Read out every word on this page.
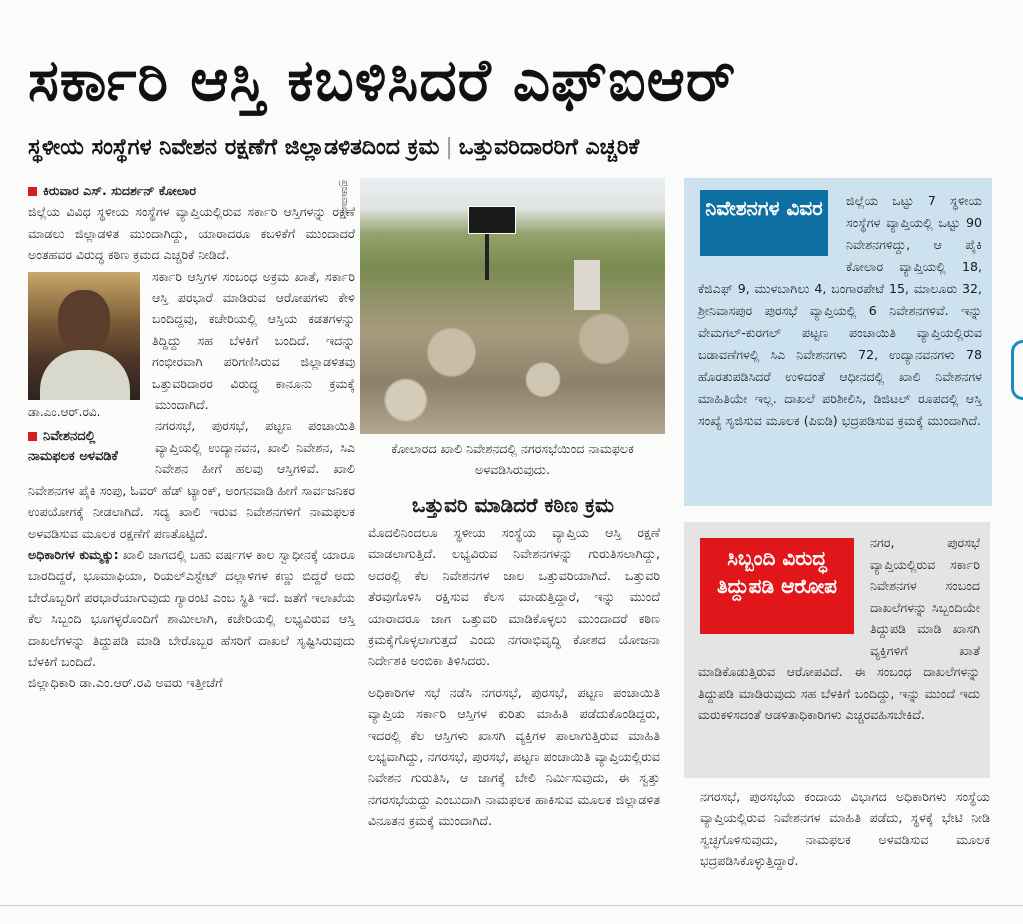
ಸರ್ಕಾರಿ ಆಸ್ತಿ ಕಬಳಿಸಿದರೆ ಎಫ್‌ಐಆರ್
ಸ್ಥಳೀಯ ಸಂಸ್ಥೆಗಳ ನಿವೇಶನ ರಕ್ಷಣೆಗೆ ಜಿಲ್ಲಾಡಳಿತದಿಂದ ಕ್ರಮ | ಒತ್ತುವರಿದಾರರಿಗೆ ಎಚ್ಚರಿಕೆ

ಕಿರುವಾರ ಎಸ್‌. ಸುದರ್ಶನ್‌ ಕೋಲಾರ

ಜಿಲ್ಲೆಯ ವಿವಿಧ ಸ್ಥಳೀಯ ಸಂಸ್ಥೆಗಳ ವ್ಯಾಪ್ತಿಯಲ್ಲಿರುವ ಸರ್ಕಾರಿ ಆಸ್ತಿಗಳನ್ನು ರಕ್ಷಣೆ ಮಾಡಲು ಜಿಲ್ಲಾಡಳಿತ ಮುಂದಾಗಿದ್ದು, ಯಾರಾದರೂ ಕಬಳಿಕೆಗೆ ಮುಂದಾದರೆ ಅಂತಹವರ ವಿರುದ್ಧ ಕಠಿಣ ಕ್ರಮದ ಎಚ್ಚರಿಕೆ ನೀಡಿದೆ.

ಡಾ.ಎಂ.ಆರ್‌.ರವಿ.
ನಿವೇಶನದಲ್ಲಿ ನಾಮಫಲಕ ಅಳವಡಿಕೆ

ಸರ್ಕಾರಿ ಆಸ್ತಿಗಳ ಸಂಬಂಧ ಅಕ್ರಮ ಖಾತೆ, ಸರ್ಕಾರಿ ಆಸ್ತಿ ಪರಭಾರೆ ಮಾಡಿರುವ ಆರೋಪಗಳು ಕೇಳಿ ಬಂದಿದ್ದವು, ಕಚೇರಿಯಲ್ಲಿ ಆಸ್ತಿಯ ಕಡತಗಳನ್ನು ತಿದ್ದಿದ್ದು ಸಹ ಬೆಳಕಿಗೆ ಬಂದಿದೆ. ಇದನ್ನು ಗಂಭೀರವಾಗಿ ಪರಿಗಣಿಸಿರುವ ಜಿಲ್ಲಾಡಳಿತವು ಒತ್ತುವರಿದಾರರ ವಿರುದ್ಧ ಕಾನೂನು ಕ್ರಮಕ್ಕೆ ಮುಂದಾಗಿದೆ.

ನಗರಸಭೆ, ಪುರಸಭೆ, ಪಟ್ಟಣ ಪಂಚಾಯಿತಿ ವ್ಯಾಪ್ತಿಯಲ್ಲಿ ಉದ್ಯಾನವನ, ಖಾಲಿ ನಿವೇಶನ, ಸಿಎ ನಿವೇಶನ ಹೀಗೆ ಹಲವು ಆಸ್ತಿಗಳಿವೆ. ಖಾಲಿ ನಿವೇಶನಗಳ ಪೈಕಿ ಸಂಪು, ಓವರ್‌ ಹೆಡ್‌ ಟ್ಯಾಂಕ್‌, ಅಂಗನವಾಡಿ ಹೀಗೆ ಸಾರ್ವಜನಿಕರ ಉಪಯೋಗಕ್ಕೆ ನೀಡಲಾಗಿದೆ. ಸದ್ಯ ಖಾಲಿ ಇರುವ ನಿವೇಶನಗಳಿಗೆ ನಾಮಫಲಕ ಅಳವಡಿಸುವ ಮೂಲಕ ರಕ್ಷಣೆಗೆ ಪಣತೊಟ್ಟಿದೆ.

ಅಧಿಕಾರಿಗಳ ಕುಮ್ಮಕ್ಕು: ಖಾಲಿ ಜಾಗದಲ್ಲಿ ಬಹು ವರ್ಷಗಳ ಕಾಲ ಸ್ವಾಧೀನಕ್ಕೆ ಯಾರೂ ಬಾರದಿದ್ದರೆ, ಭೂಮಾಫಿಯಾ, ರಿಯಲ್‌ಎಸ್ಟೇಟ್‌ ದಲ್ಲಾಳಿಗಳ ಕಣ್ಣು ಬಿದ್ದರೆ ಅದು ಬೇರೊಬ್ಬರಿಗೆ ಪರಭಾರೆಯಾಗುವುದು ಗ್ಯಾರಂಟಿ ಎಂಬ ಸ್ಥಿತಿ ಇದೆ. ಜತೆಗೆ ಇಲಾಖೆಯ ಕೆಲ ಸಿಬ್ಬಂದಿ ಭೂಗಳ್ಳರೊಂದಿಗೆ ಶಾಮೀಲಾಗಿ, ಕಚೇರಿಯಲ್ಲಿ ಲಭ್ಯವಿರುವ ಆಸ್ತಿ ದಾಖಲೆಗಳನ್ನು ತಿದ್ದುಪಡಿ ಮಾಡಿ ಬೇರೊಬ್ಬರ ಹೆಸರಿಗೆ ದಾಖಲೆ ಸೃಷ್ಟಿಸಿರುವುದು ಬೆಳಕಿಗೆ ಬಂದಿದೆ.

ಜಿಲ್ಲಾಧಿಕಾರಿ ಡಾ.ಎಂ.ಆರ್‌.ರವಿ ಅವರು ಇತ್ತೀಚೆಗೆ

ಪ್ರಜಾವಾಣಿ
ಕೋಲಾರದ ಖಾಲಿ ನಿವೇಶನದಲ್ಲಿ ನಗರಸಭೆಯಿಂದ ನಾಮಫಲಕ ಅಳವಡಿಸಿರುವುದು.
ಒತ್ತುವರಿ ಮಾಡಿದರೆ ಕಠಿಣ ಕ್ರಮ

ಮೊದಲಿನಿಂದಲೂ ಸ್ಥಳೀಯ ಸಂಸ್ಥೆಯ ವ್ಯಾಪ್ತಿಯ ಆಸ್ತಿ ರಕ್ಷಣೆ ಮಾಡಲಾಗುತ್ತಿದೆ. ಲಭ್ಯವಿರುವ ನಿವೇಶನಗಳನ್ನು ಗುರುತಿಸಲಾಗಿದ್ದು, ಅದರಲ್ಲಿ ಕೆಲ ನಿವೇಶನಗಳ ಜಾಲ ಒತ್ತುವರಿಯಾಗಿದೆ. ಒತ್ತುವರಿ ತೆರವುಗೊಳಿಸಿ ರಕ್ಷಿಸುವ ಕೆಲಸ ಮಾಡುತ್ತಿದ್ದಾರೆ, ಇನ್ನು ಮುಂದೆ ಯಾರಾದರೂ ಜಾಗ ಒತ್ತುವರಿ ಮಾಡಿಕೊಳ್ಳಲು ಮುಂದಾದರೆ ಕಠಿಣ ಕ್ರಮಕೈಗೊಳ್ಳಲಾಗುತ್ತದೆ ಎಂದು ನಗರಾಭಿವೃದ್ಧಿ ಕೋಶದ ಯೋಜನಾ ನಿರ್ದೇಶಕಿ ಅಂಬಿಕಾ ತಿಳಿಸಿದರು.

ಅಧಿಕಾರಿಗಳ ಸಭೆ ನಡೆಸಿ ನಗರಸಭೆ, ಪುರಸಭೆ, ಪಟ್ಟಣ ಪಂಚಾಯಿತಿ ವ್ಯಾಪ್ತಿಯ ಸರ್ಕಾರಿ ಆಸ್ತಿಗಳ ಕುರಿತು ಮಾಹಿತಿ ಪಡೆದುಕೊಂಡಿದ್ದರು, ಇದರಲ್ಲಿ ಕೆಲ ಆಸ್ತಿಗಳು ಖಾಸಗಿ ವ್ಯಕ್ತಿಗಳ ಪಾಲಾಗುತ್ತಿರುವ ಮಾಹಿತಿ ಲಭ್ಯವಾಗಿದ್ದು, ನಗರಸಭೆ, ಪುರಸಭೆ, ಪಟ್ಟಣ ಪಂಚಾಯಿತಿ ವ್ಯಾಪ್ತಿಯಲ್ಲಿರುವ ನಿವೇಶನ ಗುರುತಿಸಿ, ಆ ಜಾಗಕ್ಕೆ ಬೇಲಿ ನಿರ್ಮಿಸುವುದು, ಈ ಸ್ವತ್ತು ನಗರಸಭೆಯದ್ದು ಎಂಬುದಾಗಿ ನಾಮಫಲಕ ಹಾಕಿಸುವ ಮೂಲಕ ಜಿಲ್ಲಾಡಳಿತ ವಿನೂತನ ಕ್ರಮಕ್ಕೆ ಮುಂದಾಗಿದೆ.

ಜಿಲ್ಲೆಯ ಒಟ್ಟು 7 ಸ್ಥಳೀಯ ಸಂಸ್ಥೆಗಳ ವ್ಯಾಪ್ತಿಯಲ್ಲಿ ಒಟ್ಟು 90 ನಿವೇಶನಗಳಿದ್ದು, ಆ ಪೈಕಿ ಕೋಲಾರ ವ್ಯಾಪ್ತಿಯಲ್ಲಿ 18, ಕೆಜಿಎಫ್‌ 9, ಮುಳಬಾಗಿಲು 4, ಬಂಗಾರಪೇಟೆ 15, ಮಾಲೂರು 32, ಶ್ರೀನಿವಾಸಪುರ ಪುರಸಭೆ ವ್ಯಾಪ್ತಿಯಲ್ಲಿ 6 ನಿವೇಶನಗಳಿವೆ. ಇನ್ನು ವೇಮಗಲ್‌-ಕುರಗಲ್‌ ಪಟ್ಟಣ ಪಂಚಾಯಿತಿ ವ್ಯಾಪ್ತಿಯಲ್ಲಿರುವ ಬಡಾವಣೆಗಳಲ್ಲಿ ಸಿಎ ನಿವೇಶನಗಳು 72, ಉದ್ಯಾನವನಗಳು 78 ಹೊರತುಪಡಿಸಿದರೆ ಉಳಿದಂತೆ ಆಧೀನದಲ್ಲಿ ಖಾಲಿ ನಿವೇಶನಗಳ ಮಾಹಿತಿಯೇ ಇಲ್ಲ. ದಾಖಲೆ ಪರಿಶೀಲಿಸಿ, ಡಿಜಿಟಲ್‌ ರೂಪದಲ್ಲಿ ಆಸ್ತಿ ಸಂಖ್ಯೆ ಸೃಜಿಸುವ ಮೂಲಕ (ಪಿಐಡಿ) ಭದ್ರಪಡಿಸುವ ಕ್ರಮಕ್ಕೆ ಮುಂದಾಗಿದೆ.
ನಿವೇಶನಗಳ ವಿವರ
ನಗರ, ಪುರಸಭೆ ವ್ಯಾಪ್ತಿಯಲ್ಲಿರುವ ಸರ್ಕಾರಿ ನಿವೇಶನಗಳ ಸಂಬಂದ ದಾಖಲೆಗಳನ್ನು ಸಿಬ್ಬಂದಿಯೇ ತಿದ್ದುಪಡಿ ಮಾಡಿ ಖಾಸಗಿ ವ್ಯಕ್ತಿಗಳಿಗೆ ಖಾತೆ ಮಾಡಿಕೊಡುತ್ತಿರುವ ಆರೋಪವಿದೆ. ಈ ಸಂಬಂಧ ದಾಖಲೆಗಳನ್ನು ತಿದ್ದುಪಡಿ ಮಾಡಿರುವುದು ಸಹ ಬೆಳಕಿಗೆ ಬಂದಿದ್ದು, ಇನ್ನು ಮುಂದೆ ಇದು ಮರುಕಳಿಸದಂತೆ ಆಡಳಿತಾಧಿಕಾರಿಗಳು ಎಚ್ಚರವಹಿಸಬೇಕಿದೆ.
ಸಿಬ್ಬಂದಿ ವಿರುದ್ಧ ತಿದ್ದುಪಡಿ ಆರೋಪ
ನಗರಸಭೆ, ಪುರಸಭೆಯ ಕಂದಾಯ ವಿಭಾಗದ ಅಧಿಕಾರಿಗಳು ಸಂಸ್ಥೆಯ ವ್ಯಾಪ್ತಿಯಲ್ಲಿರುವ ನಿವೇಶನಗಳ ಮಾಹಿತಿ ಪಡೆದು, ಸ್ಥಳಕ್ಕೆ ಭೇಟಿ ನೀಡಿ ಸ್ವಚ್ಛಗೊಳಿಸುವುದು, ನಾಮಫಲಕ ಅಳವಡಿಸುವ ಮೂಲಕ ಭದ್ರಪಡಿಸಿಕೊಳ್ಳುತ್ತಿದ್ದಾರೆ.
